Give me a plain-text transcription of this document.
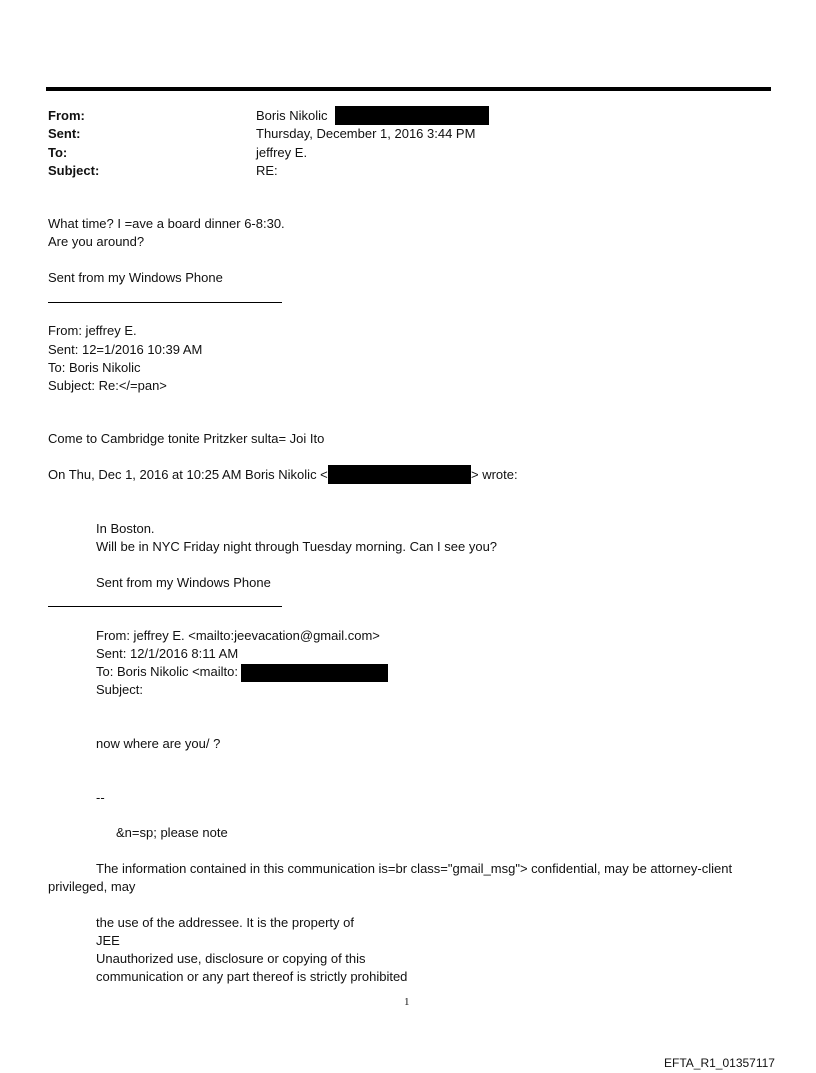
From:	Boris Nikolic
Sent:	Thursday, December 1, 2016 3:44 PM
To:	jeffrey E.
Subject:	RE:
What time? I =ave a board dinner 6-8:30.
Are you around?
Sent from my Windows Phone
From: jeffrey E.
Sent: 12=1/2016 10:39 AM
To: Boris Nikolic
Subject: Re:</=pan>
Come to Cambridge tonite Pritzker sulta= Joi Ito
On Thu, Dec 1, 2016 at 10:25 AM Boris Nikolic <	> wrote:
In Boston.
Will be in NYC Friday night through Tuesday morning. Can I see you?
Sent from my Windows Phone
From: jeffrey E. <mailto:jeevacation@gmail.com>
Sent: 12/1/2016 8:11 AM
To: Boris Nikolic <mailto:
Subject:
now where are you/ ?
--
&n=sp; please note
The information contained in this communication is=br class="gmail_msg"> confidential, may be attorney-client
privileged, may
the use of the addressee. It is the property of
JEE
Unauthorized use, disclosure or copying of this
communication or any part thereof is strictly prohibited
1
EFTA_R1_01357117
